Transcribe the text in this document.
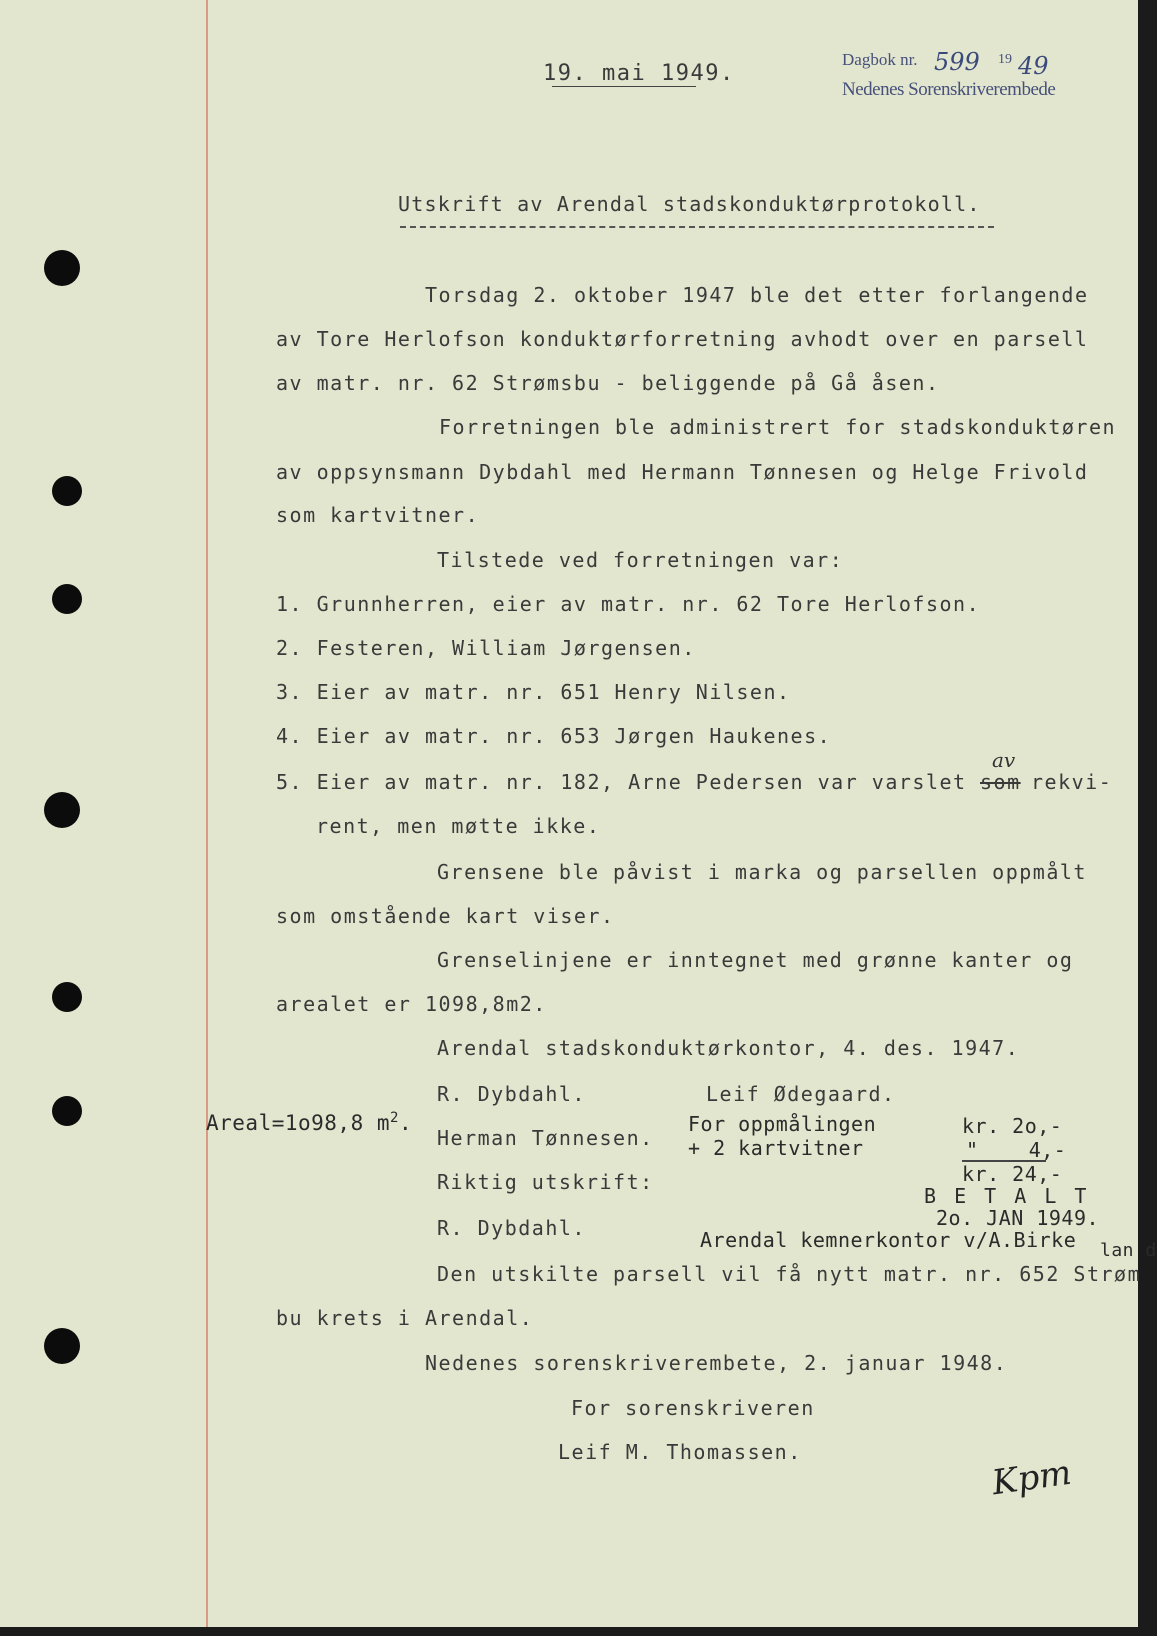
19. mai 1949.
Dagbok nr. 599 19 49
Nedenes Sorenskriverembede
Utskrift av Arendal stadskonduktørprotokoll.
Torsdag 2. oktober 1947 ble det etter forlangende
av Tore Herlofson konduktørforretning avhodt over en parsell
av matr. nr. 62 Strømsbu - beliggende på Gå åsen.
Forretningen ble administrert for stadskonduktøren
av oppsynsmann Dybdahl med Hermann Tønnesen og Helge Frivold
som kartvitner.
Tilstede ved forretningen var:
1. Grunnherren, eier av matr. nr. 62 Tore Herlofson.
2. Festeren, William Jørgensen.
3. Eier av matr. nr. 651 Henry Nilsen.
4. Eier av matr. nr. 653 Jørgen Haukenes.
5. Eier av matr. nr. 182, Arne Pedersen var varslet som
av
rekvi-
rent, men møtte ikke.
Grensene ble påvist i marka og parsellen oppmålt
som omstående kart viser.
Grenselinjene er inntegnet med grønne kanter og
arealet er 1098,8m2.
Arendal stadskonduktørkontor, 4. des. 1947.
R. Dybdahl.	Leif Ødegaard.
Areal=1o98,8 $m^2$.
Herman Tønnesen.
For oppmålingen
+ 2 kartvitner
kr. 2o,-
"    4,-
kr. 24,-
Riktig utskrift:
B E T A L T
2o. JAN 1949.
R. Dybdahl.	Arendal kemnerkontor v/A.Birke lan d
Den utskilte parsell vil få nytt matr. nr. 652 Strøm
bu krets i Arendal.
Nedenes sorenskriverembete, 2. januar 1948.
For sorenskriveren
Leif M. Thomassen.
Kpm
